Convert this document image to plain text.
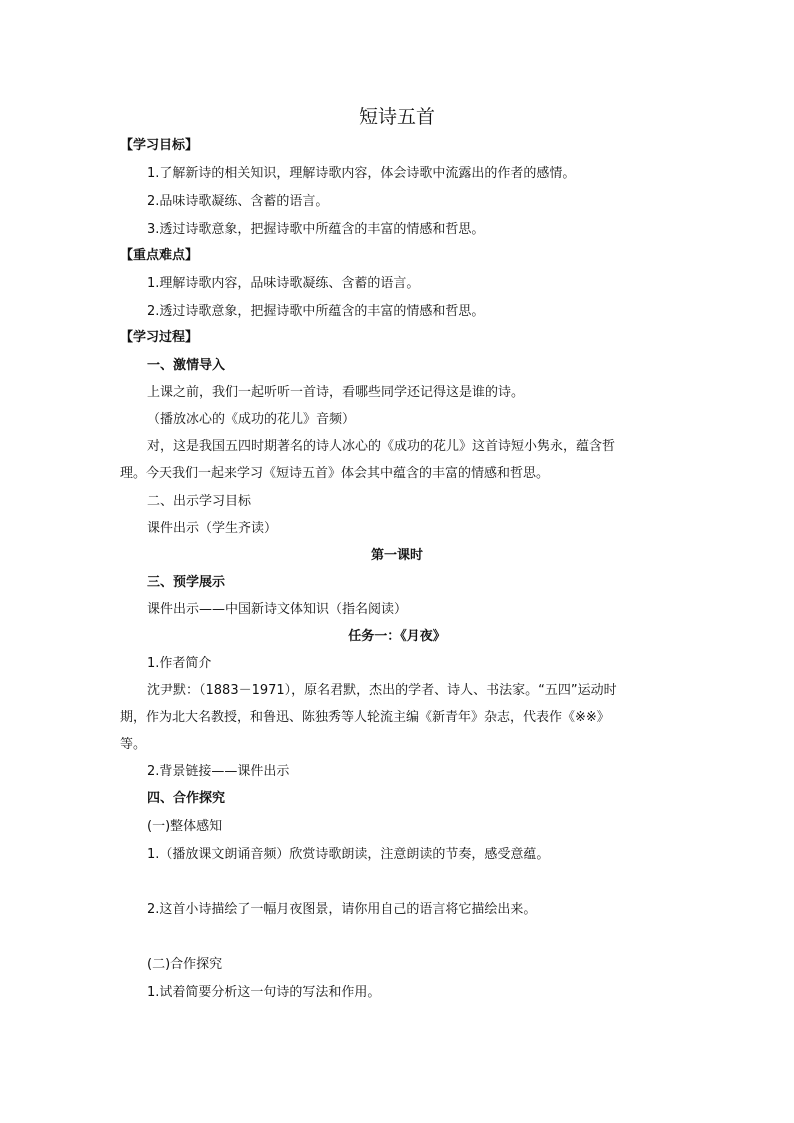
短诗五首
【学习目标】
1.了解新诗的相关知识，理解诗歌内容，体会诗歌中流露出的作者的感情。
2.品味诗歌凝练、含蓄的语言。
3.透过诗歌意象，把握诗歌中所蕴含的丰富的情感和哲思。
【重点难点】
1.理解诗歌内容，品味诗歌凝练、含蓄的语言。
2.透过诗歌意象，把握诗歌中所蕴含的丰富的情感和哲思。
【学习过程】
一、激情导入
上课之前，我们一起听听一首诗，看哪些同学还记得这是谁的诗。
（播放冰心的《成功的花儿》音频）
对，这是我国五四时期著名的诗人冰心的《成功的花儿》这首诗短小隽永，蕴含哲
理。今天我们一起来学习《短诗五首》体会其中蕴含的丰富的情感和哲思。
二、出示学习目标
课件出示（学生齐读）
第一课时
三、预学展示
课件出示——中国新诗文体知识（指名阅读）
任务一：《月夜》
1.作者简介
沈尹默：（1883－1971），原名君默，杰出的学者、诗人、书法家。“五四”运动时
期，作为北大名教授，和鲁迅、陈独秀等人轮流主编《新青年》杂志，代表作《※※》
等。
2.背景链接——课件出示
四、合作探究
(一)整体感知
1.（播放课文朗诵音频）欣赏诗歌朗读，注意朗读的节奏，感受意蕴。
2.这首小诗描绘了一幅月夜图景，请你用自己的语言将它描绘出来。
(二)合作探究
1.试着简要分析这一句诗的写法和作用。
